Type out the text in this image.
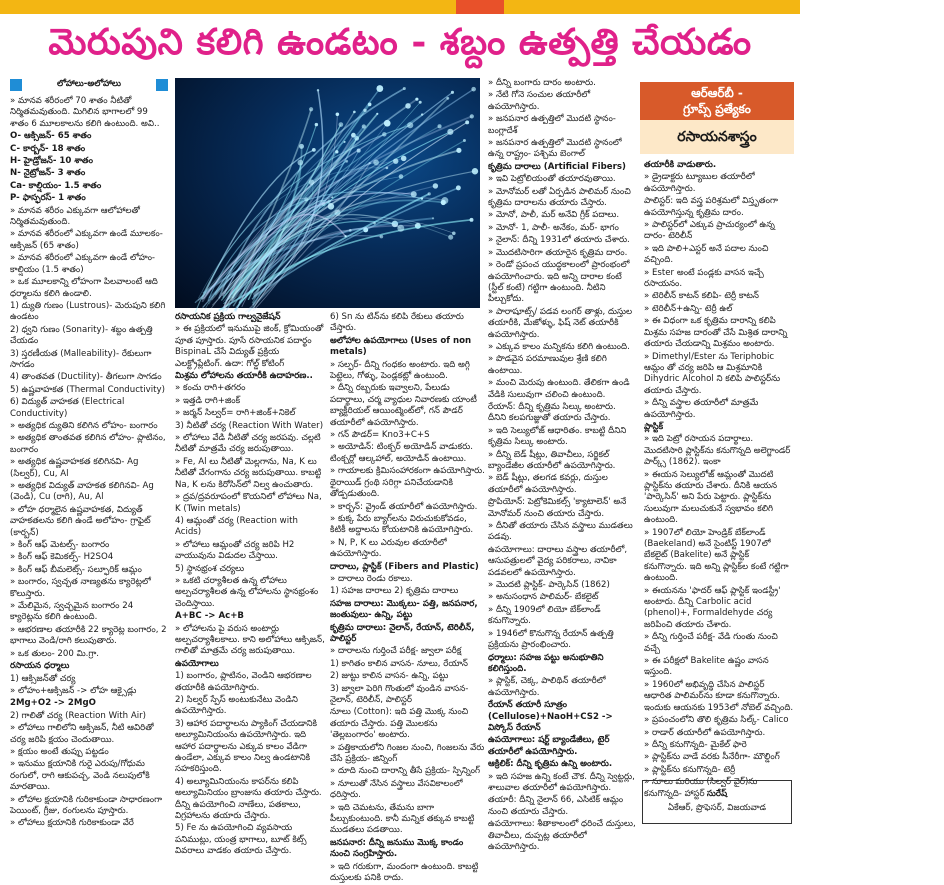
మెరుపుని కలిగి ఉండటం - శబ్దం ఉత్పత్తి చేయడం
లోహాలు-అలోహాలు

» మానవ శరీరంలో 70 శాతం నీటితో నిర్మితమవుతుంది. మిగిలిన భాగాలలో 99 శాతం 6 మూలకాలను కలిగి ఉంటుంది. అవి..

O- ఆక్సిజన్- 65 శాతం

C- కార్బన్- 18 శాతం

H- హైడ్రోజన్- 10 శాతం

N- నైట్రోజన్- 3 శాతం

Ca- కాల్షియం- 1.5 శాతం

P- ఫాస్ఫరస్- 1 శాతం

» మానవ శరీరం ఎక్కువగా ఆలోహాలతో నిర్మితమవుతుంది.

» మానవ శరీరంలో ఎక్కువగా ఉండే మూలకం- ఆక్సిజన్ (65 శాతం)

» మానవ శరీరంలో ఎక్కువగా ఉండే లోహం- కాల్షియం (1.5 శాతం)

» ఒక మూలకాన్ని లోహంగా పిలవాలంటే ఆది ధర్మాలను కలిగి ఉండాలి.

1) ద్యుతి గుణం (Lustrous)- మెరుపుని కలిగి ఉండటం

2) ధ్వని గుణం (Sonarity)- శబ్దం ఉత్పత్తి చేయడం

3) స్తరణీయత (Malleability)- రేకులుగా సాగడం

4) తాంతవత (Ductility)- తీగలుగా సాగడం

5) ఉష్ణవాహకత (Thermal Conductivity)

6) విద్యుత్ వాహకత (Electrical Conductivity)

» అత్యధిక ద్యుతిని కలిగిన లోహం- బంగారం

» అత్యధిక తాంతవత కలిగిన లోహం- ప్లాటినం, బంగారం

» అత్యధిక ఉష్ణవాహకత కలిగినవి- Ag (సిల్వర్), Cu, Al

» అత్యధిక విద్యుత్ వాహకత కలిగినవి- Ag (వెండి), Cu (రాగి), Au, Al

» లోహ ధర్మాలైన ఉష్ణవాహకత, విద్యుత్ వాహకతలను కలిగి ఉండే అలోహం- గ్రాఫైట్ (కార్బన్)

» కింగ్ ఆఫ్ మెటల్స్- బంగారం

» కింగ్ ఆఫ్ కెమికల్స్- H2SO4

» కింగ్ ఆఫ్ బీమలెట్స్- సల్ఫూరిక్ ఆమ్లం

» బంగారం, స్వచ్ఛత నాణ్యతను క్యారెట్లలో కొలుస్తారు.

» మేలిమైన, స్వచ్ఛమైన బంగారం 24 క్యారెట్లను కలిగి ఉంటుంది.

» ఆభరణాల తయారీకి 22 క్యారెట్ల బంగారం, 2 భాగాలు వెండి/రాగి కలుపుతారు.

» ఒక తులం- 200 మి.గ్రా.

రసాయన ధర్మాలు

1) ఆక్సిజన్‌తో చర్య

» లోహం+ఆక్సిజన్ -> లోహ ఆక్సైడ్లు

2Mg+O2 -> 2MgO

2) గాలితో చర్య (Reaction With Air)

» లోహాలు గాలిలోని ఆక్సిజన్, నీటి ఆవిరితో చర్య జరిపి క్షయం చెందుతాయి.

» క్షయం అంటే తుప్పు పట్టడం

» ఇనుము క్షయానికి గురై ఎరుపు/గోధుమ రంగులో, రాగి ఆకుపచ్చ, వెండి నలుపులోకి మారతాయి.

» లోహాల క్షయానికి గురికాకుండా సాధారణంగా పెయింట్, గ్రీజు, రంగులను పూస్తారు.

» లోహాలు క్షయానికి గురికాకుండా వేరే

రసాయనిక ప్రక్రియ గాల్వనైజేషన్

» ఈ ప్రక్రియలో ఇనుముపై జింక్, క్రోమియంతో పూత పూస్తారు. పూసే రసాయనిక పదార్థం BispinaL చేసే విద్యుత్ ప్రక్రియ ఎలక్ట్రోప్లేటింగ్. ఉదా: గోల్డ్ కోటింగ్

మిశ్రమ లోహాలను తయారీకి ఉదాహరణ..

» కంచు రాగి+తగరం

» ఇత్తడి రాగి+జింక్

» జర్మన్ సిల్వర్= రాగి+జింక్+నికెల్

3) నీటితో చర్య (Reaction With Water)

» లోహాలు వేడి నీటితో చర్య జరపవు. చల్లటి నీటితో మాత్రమే చర్య జరుపుతాయి.

» Fe, Al లు నీటితో మెల్లగాను, Na, K లు నీటితో వేగంగాను చర్య జరుపుతాయి. కాబట్టి Na, K లను కిరోసిన్‌లో నిల్వ ఉంచుతారు.

» ద్రవ/ద్రవరూపంలో కొయనిలో లోహాలు Na, K (Twin metals)

4) ఆమ్లంతో చర్య (Reaction with Acids)

» లోహాలు ఆమ్లంతో చర్య జరిపి H2 వాయువును విడుదల చేస్తాయి.

5) స్థానభ్రంశ చర్యలు

» ఒకటి చర్యాశీలత ఉన్న లోహాలు అల్పచర్యాశీలత ఉన్న లోహాలను స్థానభ్రంశం చెందిస్తాయి.

A+BC -> Ac+B

» లోహాలను పై వరుస అంటార్లు అల్పచర్యాశీలకాలు. కాని అలోహాలు ఆక్సిజన్, గాలితో మాత్రమే చర్య జరుపుతాయి.

ఉపయోగాలు

1) బంగారం, ప్లాటినం, వెండిని ఆభరణాల తయారీకి ఉపయోగిస్తారు.

2) సిల్వర్ స్పేస్ అంటుకునేటు వెండిని ఉపయోగిస్తారు.

3) ఆహార పదార్థాలను ప్యాకింగ్ చేయడానికి అల్యూమినియంను ఉపయోగిస్తారు. ఇది ఆహార పదార్థాలను ఎక్కువ కాలం వేడిగా ఉండేలా, ఎక్కువ కాలం నిల్వ ఉండటానికి సహకరిస్తుంది.

4) అల్యూమినియంను కాపర్‌ను కలిపి అల్యూమినియం బ్రాంజును తయారు చేస్తారు. దీన్ని ఉపయోగించి నాణేలు, పతకాలు, విగ్రహాలను తయారు చేస్తారు.

5) Fe ను ఉపయోగించి వ్యవసాయ పనిముట్లు, యంత్ర భాగాలు, బూట్ కిట్స్ వివరాలు వాడకం తయారు చేస్తారు.

6) Sn ను టిన్‌ను కలిపి రేకులు తయారు చేస్తారు.

అలోహాల ఉపయోగాలు (Uses of non metals)

» సల్ఫర్- దీన్ని గంధకం అంటారు. ఇది అగ్గి పెట్టెలు, గోళ్ళు, పెండ్లకట్లో ఉంటుంది.

» దీన్ని రబ్బరుకు ఇవ్వాలని, పేలుడు పదార్థాలు, చర్మ వ్యాధుల నివారణకు యాంటీ బ్యాక్టీరియల్ ఆయింట్మెంట్‌లో, గన్ పౌడర్ తయారీలో ఉపయోగిస్తారు.

» గన్ పౌడర్= Kno3+C+S

» అయోడిన్: టింక్చర్ అయోడిన్ వాడుకరు. టింక్చర్లో ఆల్కహాల్, అయోడిన్ ఉంటాయి.

» గాయాలకు క్రిమిసంహారకంగా ఉపయోగిస్తారు. థైరాయిడ్ గ్రంథి సరిగ్గా పనిచేయడానికి తోడ్పడుతుంది.

» కార్బన్: వ్రైండ్ తయారీలో ఉపయోగిస్తారు.

» కుక్క పేరు బ్యాగ్‌లను విరుచుకుకోవడం, కిటికీ అద్దాలను కోయటానికి ఉపయోగిస్తారు.

» N, P, K లు ఎరువుల తయారీలో ఉపయోగిస్తారు.

దారాలు, ప్లాస్టిక్ (Fibers and Plastic)

» దారాలు రెండు రకాలు.

1) సహజ దారాలు 2) కృత్రిమ దారాలు

సహజ దారాలు: మొక్కలు- పత్తి, జనపనార, జంతువులు- ఉన్ని, పట్టు

కృత్రిమ దారాలు: నైలాన్, రేయాన్, టెరిలీన్, పాలిస్టర్

» దారాలను గుర్తించే పరీక్ష- జ్వాలా పరీక్ష

1) కాగితం కాలిన వాసన- నూలు, రేయాన్

2) జుట్టు కాలిన వాసన- ఉన్ని, పట్టు

3) జ్వాలా పెరిగి గొంతులో వుండిన వాసన- నైలాన్, టెరిలీన్, పాలిస్టర్

నూలు (Cotton): ఇది పత్తి మొక్క నుంచి తయారు చేస్తారు. పత్తి మొలకను 'తెల్లబంగారం' అంటారు.

» పత్తికాయలోని గింజల నుంచి, గింజలను వేరు చేసే ప్రక్రియ- జిన్నింగ్

» దూది నుంచి దారాన్ని తీసే ప్రక్రియ- స్పిన్నింగ్

» నూలుతో నేసిన వస్త్రాలు వేసవికాలంలో ధరిస్తారు.

» ఇది చెమటను, తేమను బాగా పీల్చుకుంటుంది. కానీ మన్నిక తక్కువ కాబట్టి ముడతలు పడతాయి.

జనపనార: దీన్ని జనుము మొక్క కాండం నుంచి సంగ్రహిస్తారు.

» ఇది గరుకుగా, మందంగా ఉంటుంది. కాబట్టి దుస్తులకు పనికి రాదు.

» దీన్ని బంగారు దారం అంటారు.

» నేటి గోనె సంచుల తయారీలో ఉపయోగిస్తారు.

» జనపనార ఉత్పత్తిలో మొదటి స్థానం- బంగ్లాదేశ్

» జనపనార ఉత్పత్తిలో మొదటి స్థానంలో ఉన్న రాష్ట్రం- పశ్చిమ బెంగాల్

కృత్రిమ దారాలు (Artificial Fibers)

» ఇవి పెట్రోలియంతో తయారవుతాయి.

» మోనోమర్ లతో ఏర్పడిన పాలిమర్ నుంచి కృత్రిమ దారాలను తయారు చేస్తారు.

» మోనో, పాలీ, మర్ అనేవి గ్రీక్ పదాలు.

» మోనో- 1, పాలీ- అనేకం, మర్- భాగం

» నైలాన్: దీన్ని 1931లో తయారు చేశారు.

» మొదటిసారిగా తయారైన కృత్రిమ దారం.

» రెండో ప్రపంచ యుద్ధకాలంలో ప్రారంభంలో ఉపయోగించారు. ఇది అన్ని దారాల కంటే (స్టీల్ కంటే) గట్టిగా ఉంటుంది. నీటిని పీల్చుకోదు.

» పారాషూట్స్/ పడవ లంగర్ తాళ్లు, దుస్తుల తయారీకి, మేజోళ్ళు, ఫిష్ నెట్ తయారీకి ఉపయోగిస్తారు.

» ఎక్కువ కాలం మన్నికను కలిగి ఉంటుంది.

» పొడవైన పరమాణువుల శ్రేణి కలిగి ఉంటాయి.

» మంచి మెరుపు ఉంటుంది. తేలికగా ఉండి వేడికి సులువుగా చలించి ఉంటుంది.

రేయాన్: దీన్ని కృత్రిమ సిల్కు అంటారు. దీనిని కలపగుజ్జుతో తయారు చేస్తారు.

» ఇది సెల్యులోజ్ ఆధారితం. కాబట్టి దీనిని కృత్రిమ సిల్కు అంటారు.

» దీన్ని బెడ్ షీట్లు, తివాచీలు, సర్జికల్ బ్యాండేజీల తయారీలో ఉపయోగిస్తారు.

» బెడ్ షీట్లు, తలగడ కవర్లు, దుస్తుల తయారీలో ఉపయోగిస్తారు.

ప్రొపియోన్: పెట్రోకెమికల్స్ 'క్యాటాలెన్' అనే మోనోమర్ నుంచి తయారు చేస్తారు.

» దీనితో తయారు చేసిన వస్త్రాలు ముడతలు పడవు.

ఉపయోగాలు: దారాలు వస్త్రాల తయారీలో, ఆసుపత్రులలో వైద్య పరికరాలు, నావికా పడవలలో ఉపయోగిస్తారు.

» మొదటి ప్లాస్టిక్- పార్కెసిన్ (1862)

» అనుసంధాన పాలిమర్- బేకలైట్

» దీన్ని 1909లో లియో బేక్‌లాండ్ కనుగొన్నారు.

» 1946లో కొనుగొన్న రేయాన్ ఉత్పత్తి ప్రక్రియను ప్రారంభించారు.

ధర్మాలు: సహజ పట్టు అనుభూతిని కలిగిస్తుంది.

» ప్లాస్టిక్, చెక్క, పాలిథిన్ తయారీలో ఉపయోగిస్తారు.

రేయాన్ తయారీ సూత్రం (Cellulose)+NaoH+CS2 -> విస్కోస్ రేయాన్

ఉపయోగాలు: షర్ట్ బ్యాండేజీలు, టైర్ తయారీలో ఉపయోగిస్తారు.

ఆక్రిలిక్: దీన్ని కృత్రిమ ఉన్ని అంటారు.

» ఇది సహజ ఉన్ని కంటే చౌక. దీన్ని స్వెట్టర్లు, శాలువాల తయారీలో ఉపయోగిస్తారు.

తయారీ: దీన్ని నైలాన్ 66, ఎసిటిక్ ఆమ్లం నుంచి తయారు చేస్తారు.

ఉపయోగాలు: శీతాకాలంలో ధరించే దుస్తులు, తివాచీలు, దుప్పట్ల తయారీలో ఉపయోగిస్తారు.

ఆర్‌ఆర్‌బీ -
గ్రూప్స్ ప్రత్యేకం
రసాయనశాస్త్రం

తయారీకి వాడుతారు.

» డ్రైడాక్టరు ట్యూబుల తయారీలో ఉపయోగిస్తారు.

పాలిస్టర్: ఇది వస్త్ర పరిశ్రమలో విస్తృతంగా ఉపయోగిస్తున్న కృత్రిమ దారం.

» పాలిస్టర్‌లో ఎక్కువ ప్రాచుర్యంలో ఉన్న దారం- టెరిలీన్

» ఇది పాలి+ఎస్టర్ అనే పదాల నుంచి వచ్చింది.

» Ester అంటే పండ్లకు వాసన ఇచ్చే రసాయనం.

» టెరిలీన్ కాటన్ కలిపి- టెర్రీ కాటన్

» టెరిలీన్+ఉన్ని- టెర్రీ ఉల్

» ఈ విధంగా ఒక కృత్రిమ దారాన్ని కలిపి మిశ్రమ సహజ దారంతో చేసే మిశ్రిత దారాన్ని తయారు చేయడాన్ని మిశ్రమం అంటారు.

» Dimethyl/Ester ను Teriphobic ఆమ్లం తో చర్య జరిపి ఆ మిశ్రమానికి Dihydric Alcohol ని కలిపి పాలిస్టర్‌ను తయారు చేస్తారు.

» దీన్ని వస్త్రాల తయారీలో మాత్రమే ఉపయోగిస్తారు.

ప్లాస్టిక్

» ఇది పెట్రో రసాయన పదార్థాలు. మొదటిసారి ప్లాస్టిక్‌ను కనుగొన్నది అలెగ్జాండర్ పార్క్స్ (1862). ఇంకా

» ఈయన సెల్యులోజ్ ఆమ్లంతో మొదటి ప్లాస్టిక్‌ను తయారు చేశారు. దీనికి ఆయన 'పార్కెసిన్' అని పేరు పెట్టారు. ప్లాస్టిక్‌ను సులువుగా మలుచుకునే స్వభావం కలిగి ఉంటుంది.

» 1907లో లియో హెండ్రిక్ బేక్‌లాండ్ (Baekeland) అనే సైంటిస్ట్ 1907లో బేకలైట్ (Bakelite) అనే ప్లాస్టిక్ కనుగొన్నారు. ఇది అన్ని ప్లాస్టిక్‌ల కంటే గట్టిగా ఉంటుంది.

» ఈయనను 'ఫాదర్ ఆఫ్ ప్లాస్టిక్ ఇండస్ట్రీ' అంటారు. దీన్ని Carbolic acid (phenol)+, Formaldehyde చర్య జరిపించి తయారు చేశారు.

» దీన్ని గుర్తించే పరీక్ష- వేడి గుంతు నుంచి వచ్చే

» ఈ పరీక్షలో Bakelite ఉష్ణం వాసన ఇస్తుంది.

» 1960లో అభివృద్ధి చేసిన పాలిస్టర్ ఆధారిత పాలిమర్‌ను కూడా కనుగొన్నారు. ఇందుకు ఆయనకు 1953లో నోబెల్ వచ్చింది.

» ప్రపంచంలోని తొలి కృత్రిమ సిల్క్- Calico

» రాడార్ తయారీలో ఉపయోగిస్తారు.

» దీన్ని కనుగొన్నది- మైకేల్ ఫారె

» ప్లాస్టిక్‌ను వాడే వరకు సీనేరీగా- మౌల్డింగ్

» ప్లాస్టిక్‌ను కనుగొన్నది- టెర్రీ

» నూలు మరియు (సిల్వర్ వైర్)ను కనుగొన్నది- హాస్టర్ సురేష్
ఏకేఆర్, ప్రొఫెసర్, విజయవాడ
